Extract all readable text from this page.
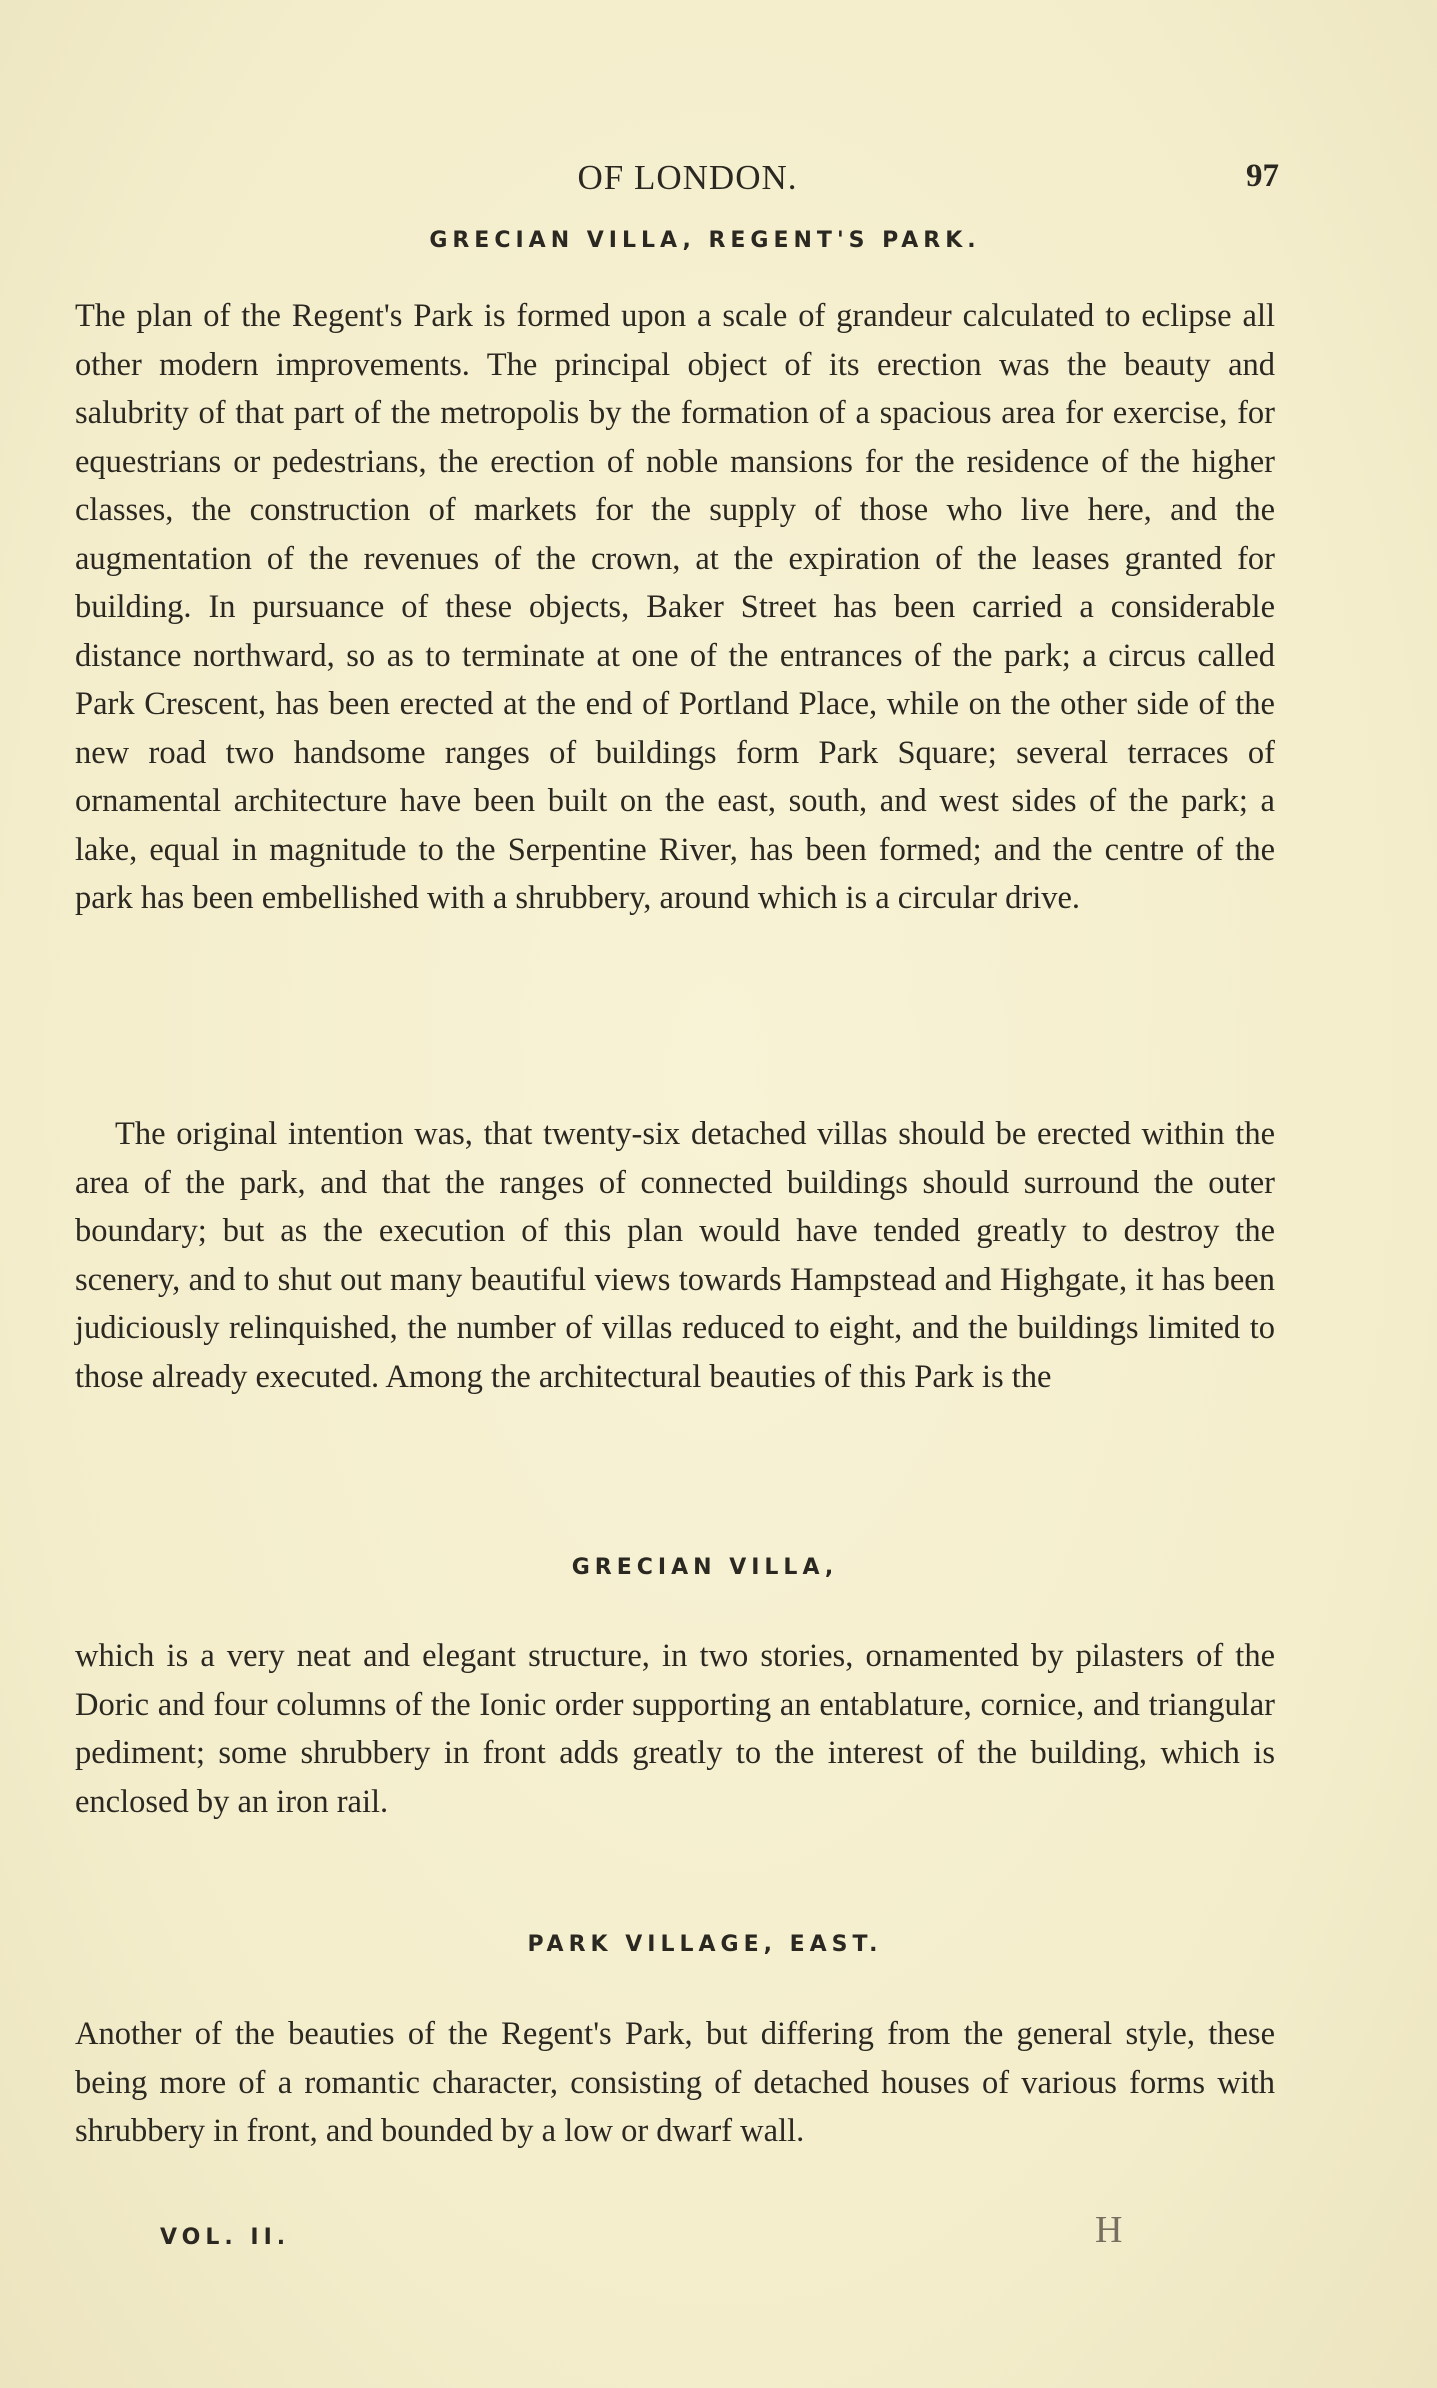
OF LONDON.	97
GRECIAN VILLA, REGENT'S PARK.

The plan of the Regent's Park is formed upon a scale of grandeur calculated to eclipse all other modern improvements. The principal object of its erection was the beauty and salubrity of that part of the metropolis by the formation of a spacious area for exercise, for equestrians or pedestrians, the erection of noble mansions for the residence of the higher classes, the construction of markets for the supply of those who live here, and the augmentation of the revenues of the crown, at the expiration of the leases granted for building. In pursuance of these objects, Baker Street has been carried a considerable distance northward, so as to terminate at one of the entrances of the park; a circus called Park Crescent, has been erected at the end of Portland Place, while on the other side of the new road two handsome ranges of buildings form Park Square; several terraces of ornamental architecture have been built on the east, south, and west sides of the park; a lake, equal in magnitude to the Serpentine River, has been formed; and the centre of the park has been embellished with a shrubbery, around which is a circular drive.

The original intention was, that twenty-six detached villas should be erected within the area of the park, and that the ranges of connected buildings should surround the outer boundary; but as the execution of this plan would have tended greatly to destroy the scenery, and to shut out many beautiful views towards Hampstead and Highgate, it has been judiciously relinquished, the number of villas reduced to eight, and the buildings limited to those already executed. Among the architectural beauties of this Park is the

GRECIAN VILLA,

which is a very neat and elegant structure, in two stories, ornamented by pilasters of the Doric and four columns of the Ionic order supporting an entablature, cornice, and triangular pediment; some shrubbery in front adds greatly to the interest of the building, which is enclosed by an iron rail.

PARK VILLAGE, EAST.

Another of the beauties of the Regent's Park, but differing from the general style, these being more of a romantic character, consisting of detached houses of various forms with shrubbery in front, and bounded by a low or dwarf wall.

VOL. II.	H
